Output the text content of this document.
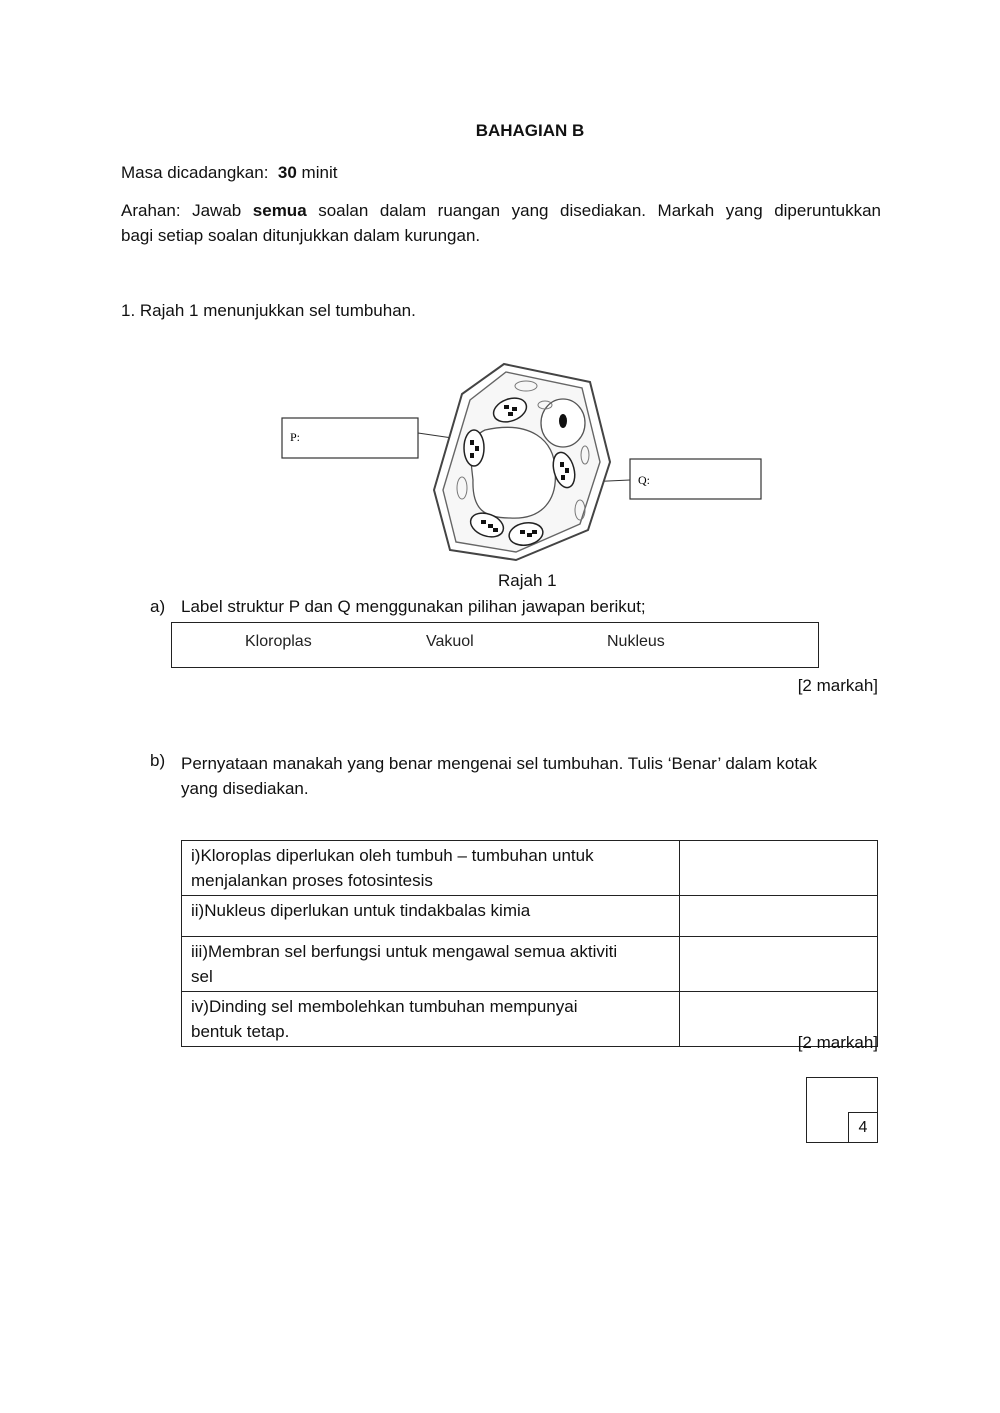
BAHAGIAN B
Masa dicadangkan: 30 minit
Arahan: Jawab semua soalan dalam ruangan yang disediakan. Markah yang diperuntukkan
bagi setiap soalan ditunjukkan dalam kurungan.
1. Rajah 1 menunjukkan sel tumbuhan.
P:
Q:
Rajah 1
a) Label struktur P dan Q menggunakan pilihan jawapan berikut;
Kloroplas	Vakuol	Nukleus
[2 markah]
b) Pernyataan manakah yang benar mengenai sel tumbuhan. Tulis ‘Benar’ dalam kotak
yang disediakan.
i)Kloroplas diperlukan oleh tumbuh – tumbuhan untuk
menjalankan proses fotosintesis	

ii)Nukleus diperlukan untuk tindakbalas kimia	

iii)Membran sel berfungsi untuk mengawal semua aktiviti
sel	

iv)Dinding sel membolehkan tumbuhan mempunyai
bentuk tetap.	

[2 markah]
4
